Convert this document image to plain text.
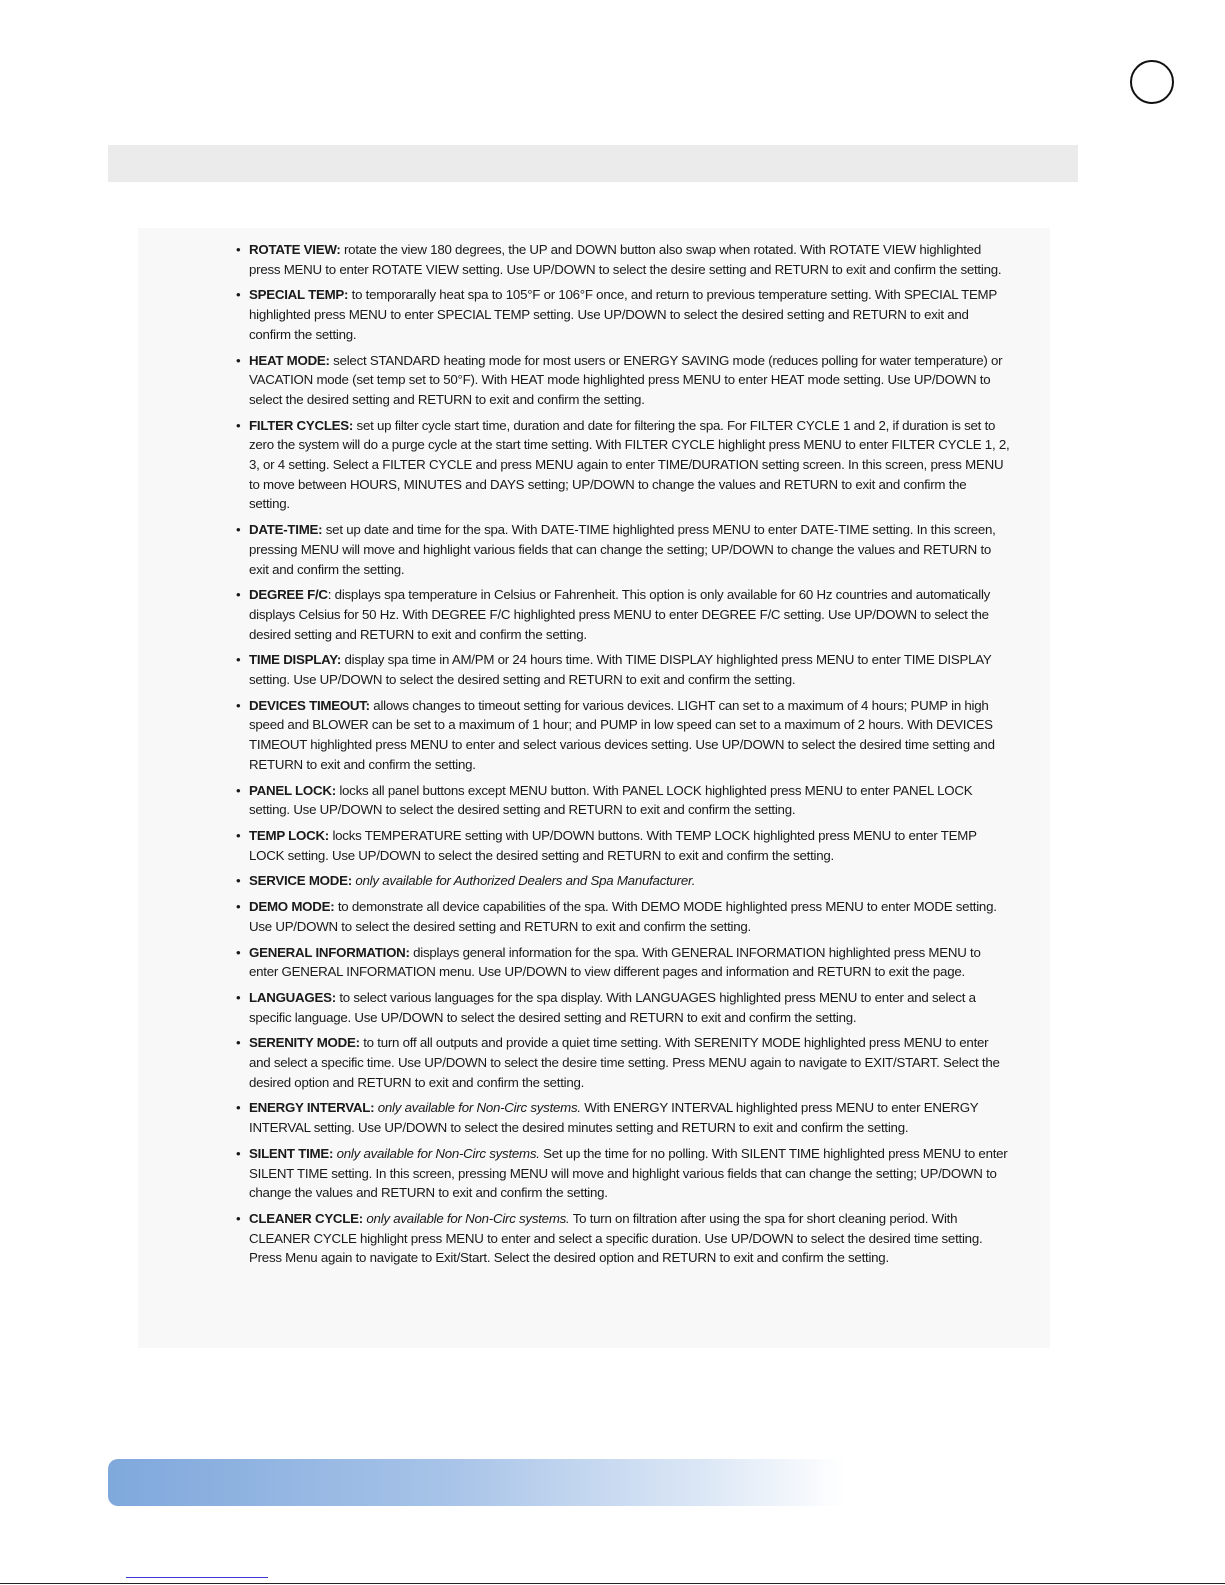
• ROTATE VIEW: rotate the view 180 degrees, the UP and DOWN button also swap when rotated. With ROTATE VIEW highlighted press MENU to enter ROTATE VIEW setting. Use UP/DOWN to select the desire setting and RETURN to exit and confirm the setting.
• SPECIAL TEMP: to temporarally heat spa to 105°F or 106°F once, and return to previous temperature setting. With SPECIAL TEMP highlighted press MENU to enter SPECIAL TEMP setting. Use UP/DOWN to select the desired setting and RETURN to exit and confirm the setting.
• HEAT MODE: select STANDARD heating mode for most users or ENERGY SAVING mode (reduces polling for water temperature) or VACATION mode (set temp set to 50°F). With HEAT mode highlighted press MENU to enter HEAT mode setting. Use UP/DOWN to select the desired setting and RETURN to exit and confirm the setting.
• FILTER CYCLES: set up filter cycle start time, duration and date for filtering the spa. For FILTER CYCLE 1 and 2, if duration is set to zero the system will do a purge cycle at the start time setting. With FILTER CYCLE highlight press MENU to enter FILTER CYCLE 1, 2, 3, or 4 setting. Select a FILTER CYCLE and press MENU again to enter TIME/DURATION setting screen. In this screen, press MENU to move between HOURS, MINUTES and DAYS setting; UP/DOWN to change the values and RETURN to exit and confirm the setting.
• DATE-TIME: set up date and time for the spa. With DATE-TIME highlighted press MENU to enter DATE-TIME setting. In this screen, pressing MENU will move and highlight various fields that can change the setting; UP/DOWN to change the values and RETURN to exit and confirm the setting.
• DEGREE F/C: displays spa temperature in Celsius or Fahrenheit. This option is only available for 60 Hz countries and automatically displays Celsius for 50 Hz. With DEGREE F/C highlighted press MENU to enter DEGREE F/C setting. Use UP/DOWN to select the desired setting and RETURN to exit and confirm the setting.
• TIME DISPLAY: display spa time in AM/PM or 24 hours time. With TIME DISPLAY highlighted press MENU to enter TIME DISPLAY setting. Use UP/DOWN to select the desired setting and RETURN to exit and confirm the setting.
• DEVICES TIMEOUT: allows changes to timeout setting for various devices. LIGHT can set to a maximum of 4 hours; PUMP in high speed and BLOWER can be set to a maximum of 1 hour; and PUMP in low speed can set to a maximum of 2 hours. With DEVICES TIMEOUT highlighted press MENU to enter and select various devices setting. Use UP/DOWN to select the desired time setting and RETURN to exit and confirm the setting.
• PANEL LOCK: locks all panel buttons except MENU button. With PANEL LOCK highlighted press MENU to enter PANEL LOCK setting. Use UP/DOWN to select the desired setting and RETURN to exit and confirm the setting.
• TEMP LOCK: locks TEMPERATURE setting with UP/DOWN buttons. With TEMP LOCK highlighted press MENU to enter TEMP LOCK setting. Use UP/DOWN to select the desired setting and RETURN to exit and confirm the setting.
• SERVICE MODE: only available for Authorized Dealers and Spa Manufacturer.
• DEMO MODE: to demonstrate all device capabilities of the spa. With DEMO MODE highlighted press MENU to enter MODE setting. Use UP/DOWN to select the desired setting and RETURN to exit and confirm the setting.
• GENERAL INFORMATION: displays general information for the spa. With GENERAL INFORMATION highlighted press MENU to enter GENERAL INFORMATION menu. Use UP/DOWN to view different pages and information and RETURN to exit the page.
• LANGUAGES: to select various languages for the spa display. With LANGUAGES highlighted press MENU to enter and select a specific language. Use UP/DOWN to select the desired setting and RETURN to exit and confirm the setting.
• SERENITY MODE: to turn off all outputs and provide a quiet time setting. With SERENITY MODE highlighted press MENU to enter and select a specific time. Use UP/DOWN to select the desire time setting. Press MENU again to navigate to EXIT/START. Select the desired option and RETURN to exit and confirm the setting.
• ENERGY INTERVAL: only available for Non-Circ systems. With ENERGY INTERVAL highlighted press MENU to enter ENERGY INTERVAL setting. Use UP/DOWN to select the desired minutes setting and RETURN to exit and confirm the setting.
• SILENT TIME: only available for Non-Circ systems. Set up the time for no polling. With SILENT TIME highlighted press MENU to enter SILENT TIME setting. In this screen, pressing MENU will move and highlight various fields that can change the setting; UP/DOWN to change the values and RETURN to exit and confirm the setting.
• CLEANER CYCLE: only available for Non-Circ systems. To turn on filtration after using the spa for short cleaning period. With CLEANER CYCLE highlight press MENU to enter and select a specific duration. Use UP/DOWN to select the desired time setting. Press Menu again to navigate to Exit/Start. Select the desired option and RETURN to exit and confirm the setting.
